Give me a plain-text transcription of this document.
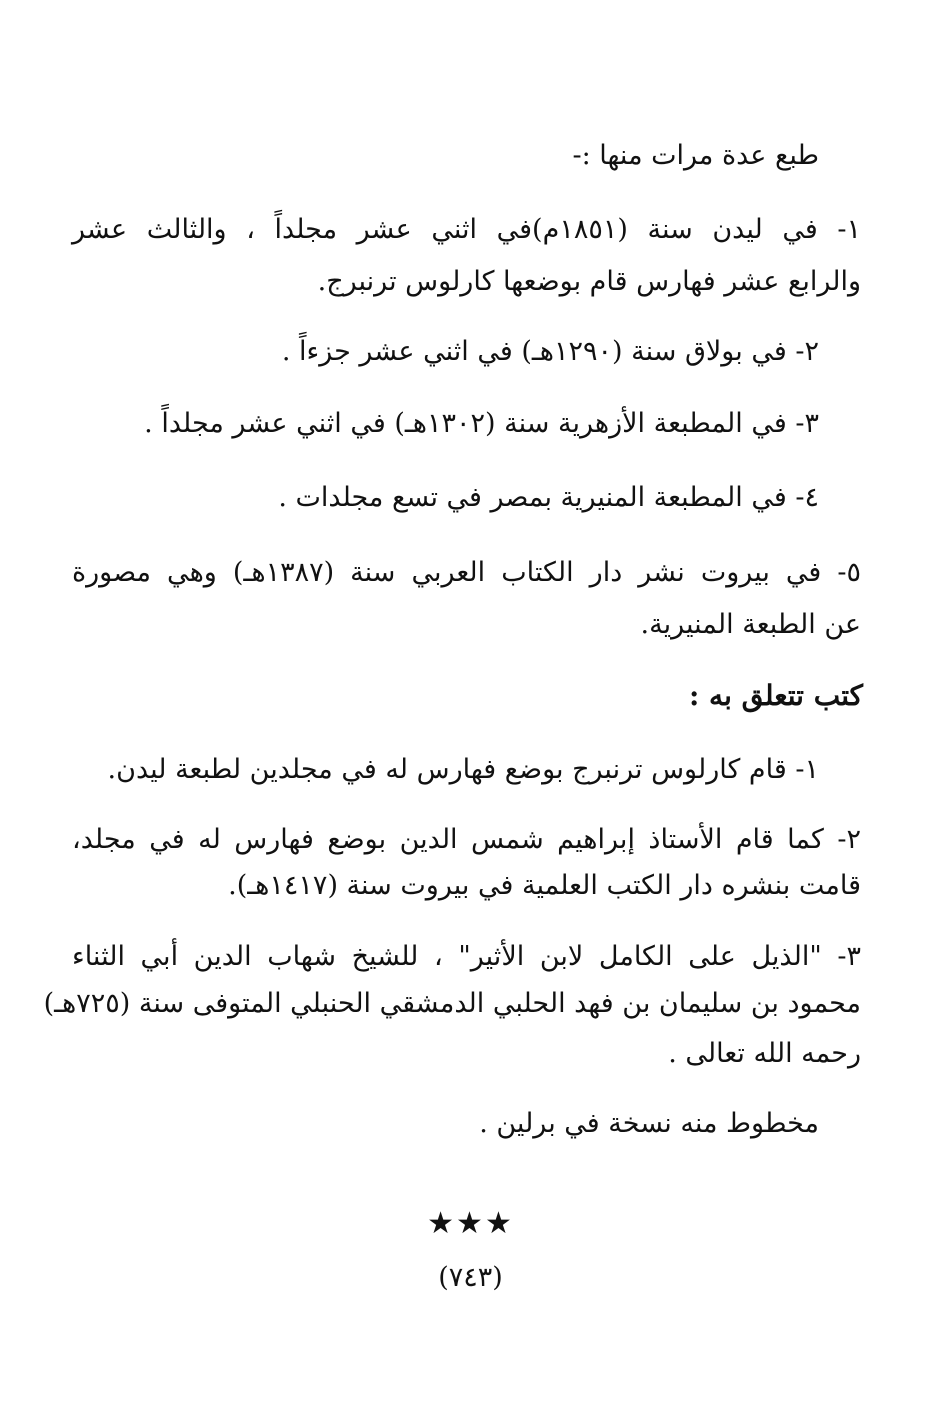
طبع عدة مرات منها :-
١- في ليدن سنة (١٨٥١م)في اثني عشر مجلداً ، والثالث عشر
والرابع عشر فهارس قام بوضعها كارلوس ترنبرج.
٢- في بولاق سنة (١٢٩٠هـ) في اثني عشر جزءاً .
٣- في المطبعة الأزهرية سنة (١٣٠٢هـ) في اثني عشر مجلداً .
٤- في المطبعة المنيرية بمصر في تسع مجلدات .
٥- في بيروت نشر دار الكتاب العربي سنة (١٣٨٧هـ) وهي مصورة
عن الطبعة المنيرية.
كتب تتعلق به :
١- قام كارلوس ترنبرج بوضع فهارس له في مجلدين لطبعة ليدن.
٢- كما قام الأستاذ إبراهيم شمس الدين بوضع فهارس له في مجلد،
قامت بنشره دار الكتب العلمية في بيروت سنة (١٤١٧هـ).
٣- "الذيل على الكامل لابن الأثير" ، للشيخ شهاب الدين أبي الثناء
محمود بن سليمان بن فهد الحلبي الدمشقي الحنبلي المتوفى سنة (٧٢٥هـ)
رحمه الله تعالى .
مخطوط منه نسخة في برلين .
★★★
(٧٤٣)
